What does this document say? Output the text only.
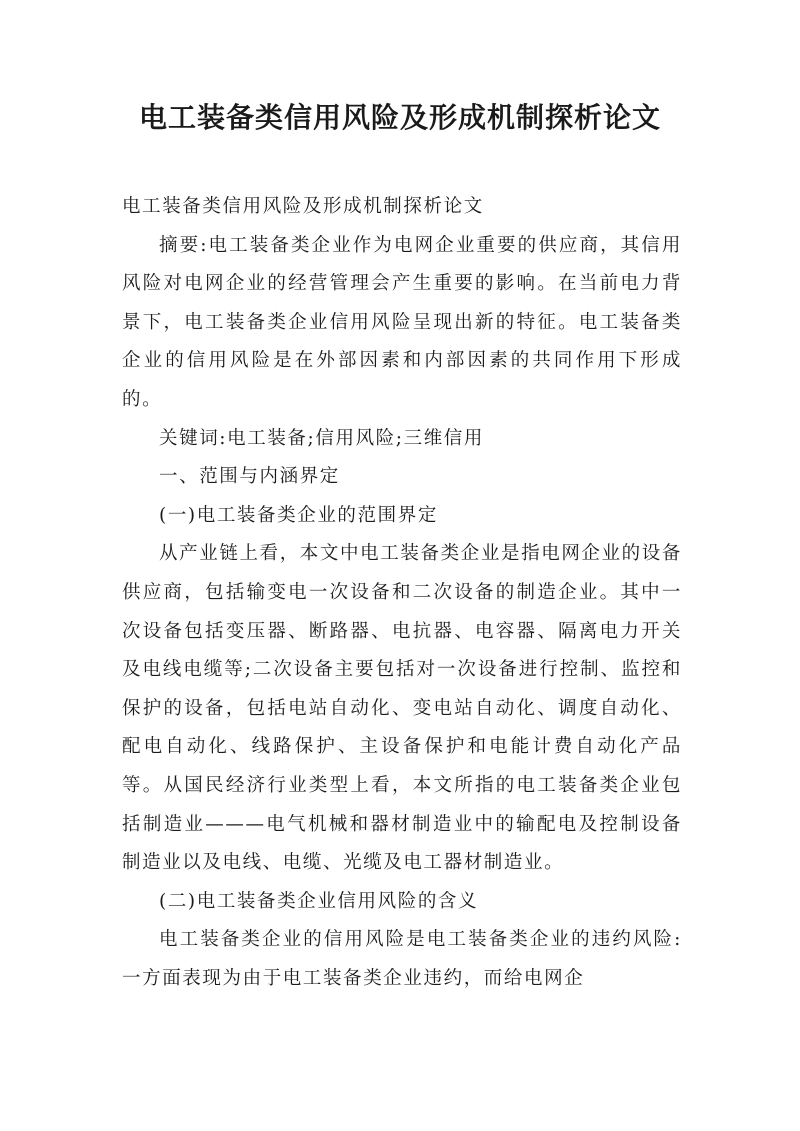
电工装备类信用风险及形成机制探析论文

电工装备类信用风险及形成机制探析论文

摘要:电工装备类企业作为电网企业重要的供应商，其信用风险对电网企业的经营管理会产生重要的影响。在当前电力背景下，电工装备类企业信用风险呈现出新的特征。电工装备类企业的信用风险是在外部因素和内部因素的共同作用下形成的。

关键词:电工装备;信用风险;三维信用

一、范围与内涵界定

(一)电工装备类企业的范围界定

从产业链上看，本文中电工装备类企业是指电网企业的设备供应商，包括输变电一次设备和二次设备的制造企业。其中一次设备包括变压器、断路器、电抗器、电容器、隔离电力开关及电线电缆等;二次设备主要包括对一次设备进行控制、监控和保护的设备，包括电站自动化、变电站自动化、调度自动化、配电自动化、线路保护、主设备保护和电能计费自动化产品等。从国民经济行业类型上看，本文所指的电工装备类企业包括制造业———电气机械和器材制造业中的输配电及控制设备制造业以及电线、电缆、光缆及电工器材制造业。

(二)电工装备类企业信用风险的含义

电工装备类企业的信用风险是电工装备类企业的违约风险:一方面表现为由于电工装备类企业违约，而给电网企
